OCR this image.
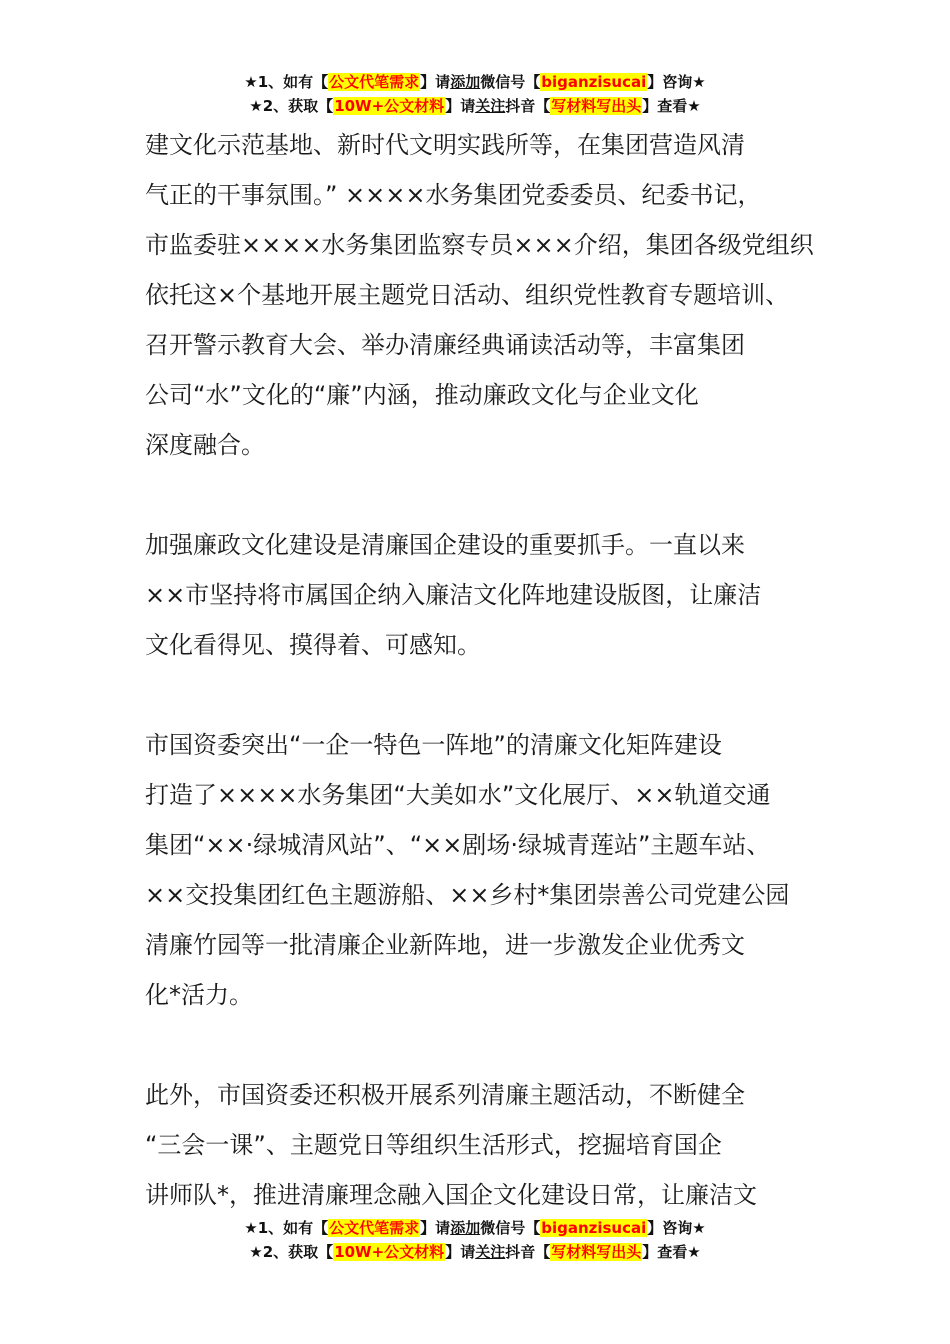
★1、如有【公文代笔需求】请添加微信号【biganzisucai】咨询★
★2、获取【10W+公文材料】请关注抖音【写材料写出头】查看★

建文化示范基地、新时代文明实践所等，在集团营造风清
气正的干事氛围。” ××××水务集团党委委员、纪委书记，
市监委驻××××水务集团监察专员×××介绍，集团各级党组织
依托这×个基地开展主题党日活动、组织党性教育专题培训、
召开警示教育大会、举办清廉经典诵读活动等，丰富集团
公司“水”文化的“廉”内涵，推动廉政文化与企业文化
深度融合。

加强廉政文化建设是清廉国企建设的重要抓手。一直以来
××市坚持将市属国企纳入廉洁文化阵地建设版图，让廉洁
文化看得见、摸得着、可感知。

市国资委突出“一企一特色一阵地”的清廉文化矩阵建设
打造了××××水务集团“大美如水”文化展厅、××轨道交通
集团“××·绿城清风站”、“××剧场·绿城青莲站”主题车站、
××交投集团红色主题游船、××乡村*集团崇善公司党建公园
清廉竹园等一批清廉企业新阵地，进一步激发企业优秀文
化*活力。

此外，市国资委还积极开展系列清廉主题活动，不断健全
“三会一课”、主题党日等组织生活形式，挖掘培育国企
讲师队*，推进清廉理念融入国企文化建设日常，让廉洁文

★1、如有【公文代笔需求】请添加微信号【biganzisucai】咨询★
★2、获取【10W+公文材料】请关注抖音【写材料写出头】查看★
